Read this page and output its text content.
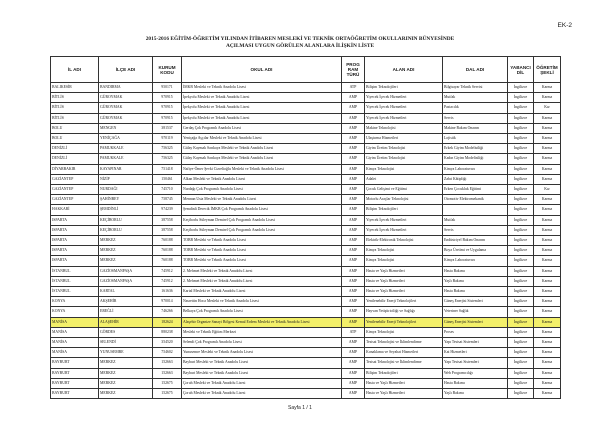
EK-2
2015-2016 EĞİTİM-ÖĞRETİM YILINDAN İTİBAREN MESLEKİ VE TEKNİK ORTAÖĞRETİM OKULLARININ BÜNYESİNDE
AÇILMASI UYGUN GÖRÜLEN ALANLARA İLİŞKİN LİSTE
İL ADI	İLÇE ADI	KURUM KODU	OKUL ADI	PROG RAM TÜRÜ	ALAN ADI	DAL ADI	YABANCI DİL	ÖĞRETİM ŞEKLİ
BALIKESİR	BANDIRMA	950171	İMKB Mesleki ve Teknik Anadolu Lisesi	ATP	Bilişim Teknolojileri	Bilgisayar Teknik Servisi	İngilizce	Karma
BİTLİS	GÜROYMAK	970915	İpekyolu Mesleki ve Teknik Anadolu Lisesi	AMP	Yiyecek İçecek Hizmetleri	Mutfak	İngilizce	Karma
BİTLİS	GÜROYMAK	970915	İpekyolu Mesleki ve Teknik Anadolu Lisesi	AMP	Yiyecek İçecek Hizmetleri	Pastacılık	İngilizce	Kız
BİTLİS	GÜROYMAK	970915	İpekyolu Mesleki ve Teknik Anadolu Lisesi	AMP	Yiyecek İçecek Hizmetleri	Servis	İngilizce	Karma
BOLU	MENGEN	381537	Gerdaş Çok Programlı Anadolu Lisesi	AMP	Makine Teknolojisi	Makine Bakım Onarım	İngilizce	Karma
BOLU	YENİÇAĞA	970119	Yeniçağa Aşçılar Mesleki ve Teknik Anadolu Lisesi	AMP	Ulaştırma Hizmetleri	Lojistik	İngilizce	Karma
DENİZLİ	PAMUKKALE	756325	Gülay Kaymak Sarıkaya Mesleki ve Teknik Anadolu Lisesi	AMP	Giyim Üretim Teknolojisi	Erkek Giyim Modelistliği	İngilizce	Karma
DENİZLİ	PAMUKKALE	756325	Gülay Kaymak Sarıkaya Mesleki ve Teknik Anadolu Lisesi	AMP	Giyim Üretim Teknolojisi	Kadın Giyim Modelistliği	İngilizce	Karma
DİYARBAKIR	KAYAPINAR	751418	Nafiye-Ömer Şevki Cizrelioğlu Mesleki ve Teknik Anadolu Lisesi	AMP	Kimya Teknolojisi	Kimya Laboratuvarı	İngilizce	Karma
GAZİANTEP	NİZİP	150461	Alkan Mesleki ve Teknik Anadolu Lisesi	AMP	Adalet	Zabıt Kâtipliği	İngilizce	Karma
GAZİANTEP	NURDAĞI	745710	Nurdağı Çok Programlı Anadolu Lisesi	AMP	Çocuk Gelişimi ve Eğitimi	Erken Çocukluk Eğitimi	İngilizce	Kız
GAZİANTEP	ŞAHİNBEY	758745	Mennan Usta Mesleki ve Teknik Anadolu Lisesi	AMP	Motorlu Araçlar Teknolojisi	Otomotiv Elektromekanik	İngilizce	Karma
HAKKARİ	ŞEMDİNLİ	974239	Şemdinli Derecik İMKB Çok Programlı Anadolu Lisesi	AMP	Bilişim Teknolojileri		İngilizce	Karma
ISPARTA	KEÇİBORLU	387558	Keçiborlu Süleyman Demirel Çok Programlı Anadolu Lisesi	AMP	Yiyecek İçecek Hizmetleri	Mutfak	İngilizce	Karma
ISPARTA	KEÇİBORLU	387558	Keçiborlu Süleyman Demirel Çok Programlı Anadolu Lisesi	AMP	Yiyecek İçecek Hizmetleri	Servis	İngilizce	Karma
ISPARTA	MERKEZ	760188	TOBB Mesleki ve Teknik Anadolu Lisesi	AMP	Elektrik-Elektronik Teknolojisi	Endüstriyel Bakım Onarım	İngilizce	Karma
ISPARTA	MERKEZ	760188	TOBB Mesleki ve Teknik Anadolu Lisesi	AMP	Kimya Teknolojisi	Boya Üretimi ve Uygulama	İngilizce	Karma
ISPARTA	MERKEZ	760188	TOBB Mesleki ve Teknik Anadolu Lisesi	AMP	Kimya Teknolojisi	Kimya Laboratuvarı	İngilizce	Karma
İSTANBUL	GAZİOSMANPAŞA	745912	2. Mehmet Mesleki ve Teknik Anadolu Lisesi	AMP	Hasta ve Yaşlı Hizmetleri	Hasta Bakımı	İngilizce	Karma
İSTANBUL	GAZİOSMANPAŞA	745912	2. Mehmet Mesleki ve Teknik Anadolu Lisesi	AMP	Hasta ve Yaşlı Hizmetleri	Yaşlı Bakımı	İngilizce	Karma
İSTANBUL	KARTAL	161636	Kartal Mesleki ve Teknik Anadolu Lisesi	AMP	Hasta ve Yaşlı Hizmetleri	Hasta Bakımı	İngilizce	Karma
KONYA	AKŞEHİR	970014	Nasrettin Hoca Mesleki ve Teknik Anadolu Lisesi	AMP	Yenilenebilir Enerji Teknolojileri	Güneş Enerjisi Sistemleri	İngilizce	Karma
KONYA	EREĞLİ	746266	Belkaya Çok Programlı Anadolu Lisesi	AMP	Hayvan Yetiştiriciliği ve Sağlığı	Veteriner Sağlık	İngilizce	Karma
MANİSA	ALAŞEHİR	182624	Alaşehir Organize Sanayi Bölgesi Kemal Erdem Mesleki ve Teknik Anadolu Lisesi	AMP	Yenilenebilir Enerji Teknolojileri	Güneş Enerjisi Sistemleri	İngilizce	Karma
MANİSA	GÖRDES	880238	Mesleki ve Teknik Eğitim Merkezi	ATP	Kimya Teknolojisi	Proses	İngilizce	Karma
MANİSA	SELENDİ	354520	Selendi Çok Programlı Anadolu Lisesi	AMP	Tesisat Teknolojisi ve İklimlendirme	Yapı Tesisat Sistemleri	İngilizce	Karma
MANİSA	YUNUSEMRE	754602	Yunusemre Mesleki ve Teknik Anadolu Lisesi	AMP	Konaklama ve Seyahat Hizmetleri	Kat Hizmetleri	İngilizce	Karma
BAYBURT	MERKEZ	152663	Bayburt Mesleki ve Teknik Anadolu Lisesi	AMP	Tesisat Teknolojisi ve İklimlendirme	Yapı Tesisat Sistemleri	İngilizce	Karma
BAYBURT	MERKEZ	152663	Bayburt Mesleki ve Teknik Anadolu Lisesi	AMP	Bilişim Teknolojileri	Web Programcılığı	İngilizce	Karma
BAYBURT	MERKEZ	152675	Çoruh Mesleki ve Teknik Anadolu Lisesi	AMP	Hasta ve Yaşlı Hizmetleri	Hasta Bakımı	İngilizce	Karma
BAYBURT	MERKEZ	152675	Çoruh Mesleki ve Teknik Anadolu Lisesi	AMP	Hasta ve Yaşlı Hizmetleri	Yaşlı Bakımı	İngilizce	Karma
Sayfa 1 / 1
